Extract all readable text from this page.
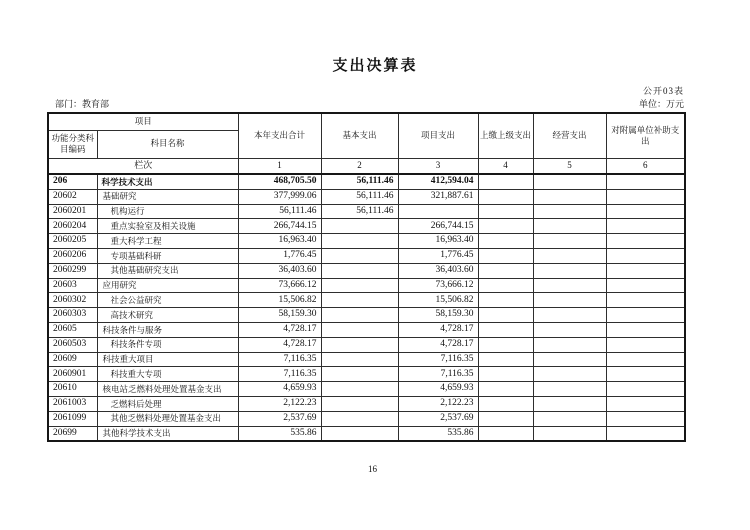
支出决算表
公开03表
部门：教育部	单位：万元
项目		本年支出合计	基本支出	项目支出	上缴上级支出	经营支出	对附属单位补助支出
功能分类科目编码	科目名称						
栏次		1	2	3	4	5	6
206	科学技术支出	468,705.50	56,111.46	412,594.04			
20602	基础研究	377,999.06	56,111.46	321,887.61			
2060201	机构运行	56,111.46	56,111.46				
2060204	重点实验室及相关设施	266,744.15		266,744.15			
2060205	重大科学工程	16,963.40		16,963.40			
2060206	专项基础科研	1,776.45		1,776.45			
2060299	其他基础研究支出	36,403.60		36,403.60			
20603	应用研究	73,666.12		73,666.12			
2060302	社会公益研究	15,506.82		15,506.82			
2060303	高技术研究	58,159.30		58,159.30			
20605	科技条件与服务	4,728.17		4,728.17			
2060503	科技条件专项	4,728.17		4,728.17			
20609	科技重大项目	7,116.35		7,116.35			
2060901	科技重大专项	7,116.35		7,116.35			
20610	核电站乏燃料处理处置基金支出	4,659.93		4,659.93			
2061003	乏燃料后处理	2,122.23		2,122.23			
2061099	其他乏燃料处理处置基金支出	2,537.69		2,537.69			
20699	其他科学技术支出	535.86		535.86			
16
